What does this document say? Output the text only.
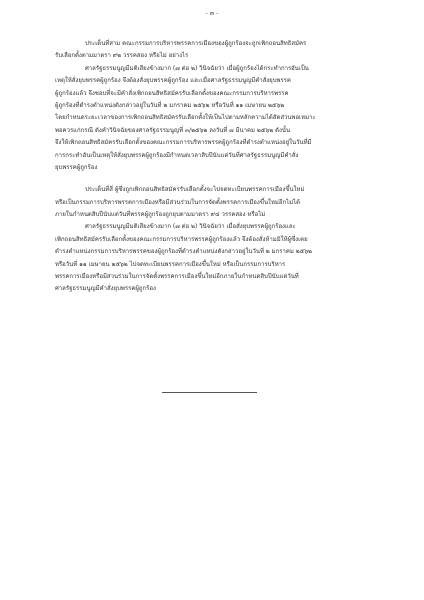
- ๓ -
ประเด็นที่สาม คณะกรรมการบริหารพรรคการเมืองของผู้ถูกร้องจะถูกเพิกถอนสิทธิสมัคร
รับเลือกตั้งตามมาตรา ๙๒ วรรคสอง หรือไม่ อย่างไร
ศาลรัฐธรรมนูญมีมติเสียงข้างมาก (๗ ต่อ ๒) วินิจฉัยว่า เมื่อผู้ถูกร้องได้กระทำการอันเป็น
เหตุให้สั่งยุบพรรคผู้ถูกร้อง จึงต้องสั่งยุบพรรคผู้ถูกร้อง และเมื่อศาลรัฐธรรมนูญมีคำสั่งยุบพรรค
ผู้ถูกร้องแล้ว จึงชอบที่จะมีคำสั่งเพิกถอนสิทธิสมัครรับเลือกตั้งของคณะกรรมการบริหารพรรค
ผู้ถูกร้องที่ดำรงตำแหน่งดังกล่าวอยู่ในวันที่ ๒ มกราคม ๒๕๖๒ หรือวันที่ ๑๑ เมษายน ๒๕๖๒
โดยกำหนดระยะเวลาของการเพิกถอนสิทธิสมัครรับเลือกตั้งให้เป็นไปตามหลักความได้สัดส่วนพอเหมาะ
พอควรแก่กรณี ดังคำวินิจฉัยของศาลรัฐธรรมนูญที่ ๓/๒๕๖๒ ลงวันที่ ๗ มีนาคม ๒๕๖๒ ดังนั้น
จึงให้เพิกถอนสิทธิสมัครรับเลือกตั้งของคณะกรรมการบริหารพรรคผู้ถูกร้องที่ดำรงตำแหน่งอยู่ในวันที่มี
การกระทำอันเป็นเหตุให้สั่งยุบพรรคผู้ถูกร้องมีกำหนดเวลาสิบปีนับแต่วันที่ศาลรัฐธรรมนูญมีคำสั่ง
ยุบพรรคผู้ถูกร้อง
ประเด็นที่สี่ ผู้ซึ่งถูกเพิกถอนสิทธิสมัครรับเลือกตั้งจะไปจดทะเบียนพรรคการเมืองขึ้นใหม่
หรือเป็นกรรมการบริหารพรรคการเมืองหรือมีส่วนร่วมในการจัดตั้งพรรคการเมืองขึ้นใหม่อีกไม่ได้
ภายในกำหนดสิบปีนับแต่วันที่พรรคผู้ถูกร้องถูกยุบตามมาตรา ๙๔ วรรคสอง หรือไม่
ศาลรัฐธรรมนูญมีมติเสียงข้างมาก (๗ ต่อ ๒) วินิจฉัยว่า เมื่อสั่งยุบพรรคผู้ถูกร้องและ
เพิกถอนสิทธิสมัครรับเลือกตั้งของคณะกรรมการบริหารพรรคผู้ถูกร้องแล้ว จึงต้องสั่งห้ามมิให้ผู้ซึ่งเคย
ดำรงตำแหน่งกรรมการบริหารพรรคของผู้ถูกร้องที่ดำรงตำแหน่งดังกล่าวอยู่ในวันที่ ๒ มกราคม ๒๕๖๒
หรือวันที่ ๑๑ เมษายน ๒๕๖๒ ไปจดทะเบียนพรรคการเมืองขึ้นใหม่ หรือเป็นกรรมการบริหาร
พรรคการเมืองหรือมีส่วนร่วมในการจัดตั้งพรรคการเมืองขึ้นใหม่อีกภายในกำหนดสิบปีนับแต่วันที่
ศาลรัฐธรรมนูญมีคำสั่งยุบพรรคผู้ถูกร้อง
